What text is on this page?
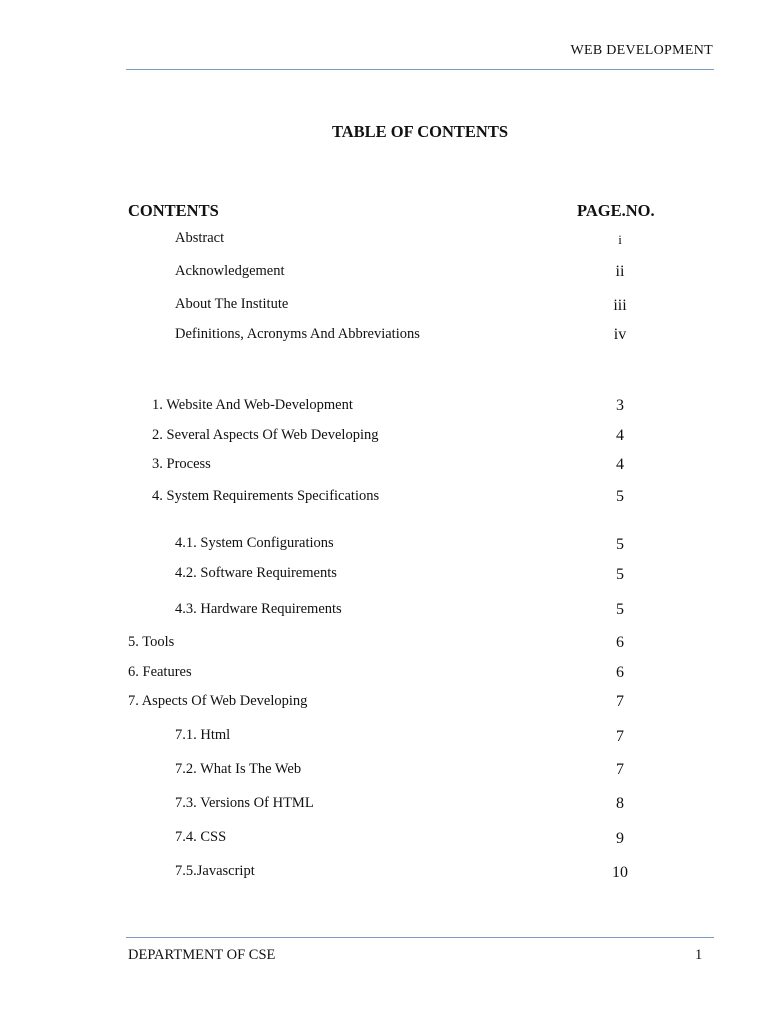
WEB DEVELOPMENT
TABLE OF CONTENTS
CONTENTS	PAGE.NO.
Abstract	i
Acknowledgement	ii
About The Institute	iii
Definitions, Acronyms And Abbreviations	iv
1. Website And Web-Development	3
2. Several Aspects Of Web Developing	4
3. Process	4
4. System Requirements Specifications	5
4.1. System Configurations	5
4.2. Software Requirements	5
4.3. Hardware Requirements	5
5. Tools	6
6. Features	6
7. Aspects Of Web Developing	7
7.1. Html	7
7.2. What Is The Web	7
7.3. Versions Of HTML	8
7.4. CSS	9
7.5.Javascript	10
DEPARTMENT OF CSE	1
